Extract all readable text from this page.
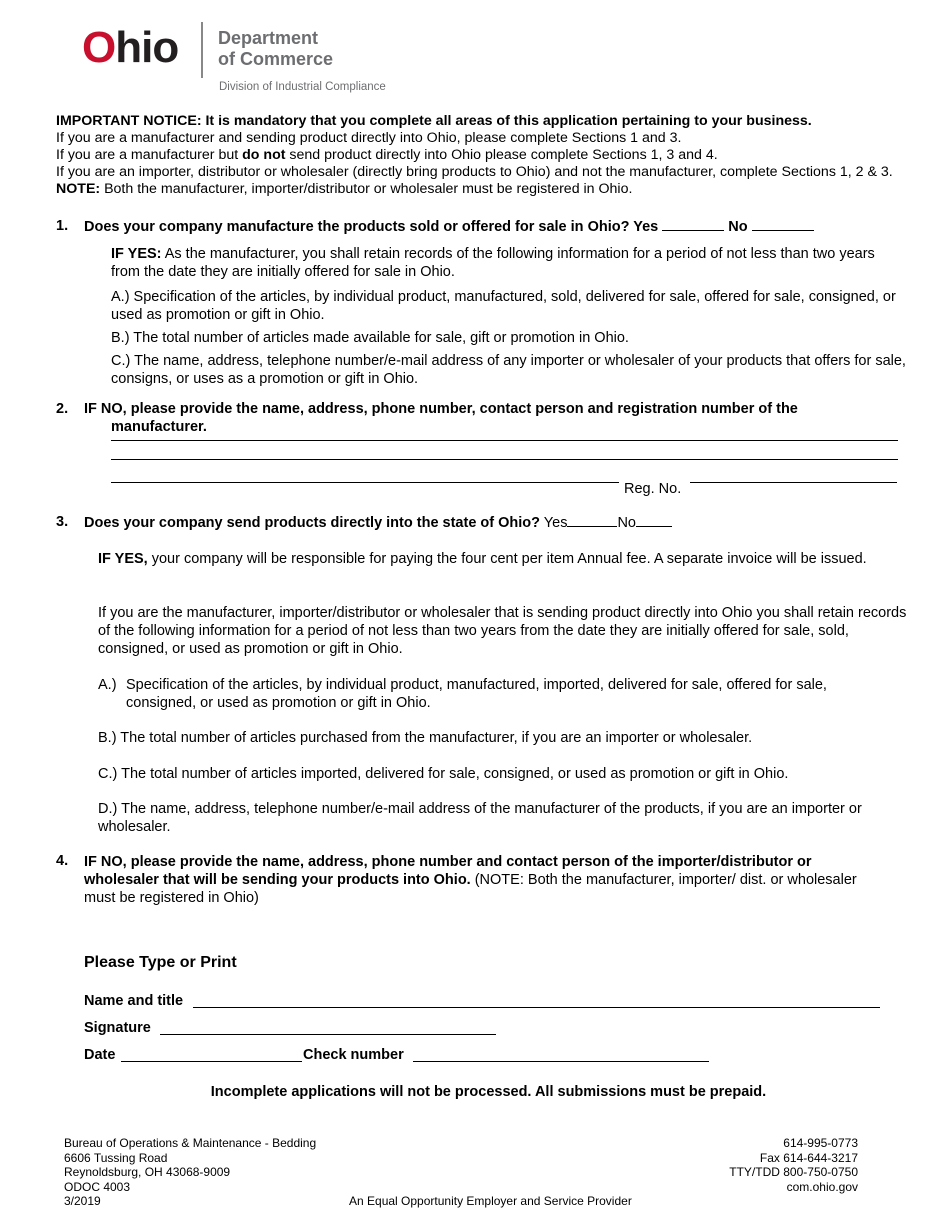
Ohio Department
of Commerce
Division of Industrial Compliance

IMPORTANT NOTICE: It is mandatory that you complete all areas of this application pertaining to your business.

If you are a manufacturer and sending product directly into Ohio, please complete Sections 1 and 3.

If you are a manufacturer but do not send product directly into Ohio please complete Sections 1, 3 and 4.

If you are an importer, distributor or wholesaler (directly bring products to Ohio) and not the manufacturer, complete Sections 1, 2 & 3.

NOTE: Both the manufacturer, importer/distributor or wholesaler must be registered in Ohio.

1. Does your company manufacture the products sold or offered for sale in Ohio? Yes	No
IF YES: As the manufacturer, you shall retain records of the following information for a period of not less than two years from the date they are initially offered for sale in Ohio.
A.) Specification of the articles, by individual product, manufactured, sold, delivered for sale, offered for sale, consigned, or used as promotion or gift in Ohio.
B.) The total number of articles made available for sale, gift or promotion in Ohio.
C.) The name, address, telephone number/e-mail address of any importer or wholesaler of your products that offers for sale, consigns, or uses as a promotion or gift in Ohio.
2. IF NO, please provide the name, address, phone number, contact person and registration number of the
manufacturer.
Reg. No.
3. Does your company send products directly into the state of Ohio? Yes	No
IF YES, your company will be responsible for paying the four cent per item Annual fee. A separate invoice will be issued.
If you are the manufacturer, importer/distributor or wholesaler that is sending product directly into Ohio you shall retain records of the following information for a period of not less than two years from the date they are initially offered for sale, sold, consigned, or used as promotion or gift in Ohio.
A.) Specification of the articles, by individual product, manufactured, imported, delivered for sale, offered for sale, consigned, or used as promotion or gift in Ohio.
B.) The total number of articles purchased from the manufacturer, if you are an importer or wholesaler.
C.) The total number of articles imported, delivered for sale, consigned, or used as promotion or gift in Ohio.
D.) The name, address, telephone number/e-mail address of the manufacturer of the products, if you are an importer or wholesaler.
4. IF NO, please provide the name, address, phone number and contact person of the importer/distributor or wholesaler that will be sending your products into Ohio. (NOTE: Both the manufacturer, importer/ dist. or wholesaler must be registered in Ohio)
Please Type or Print
Name and title
Signature
Date	Check number
Incomplete applications will not be processed. All submissions must be prepaid.
Bureau of Operations & Maintenance - Bedding
6606 Tussing Road
Reynoldsburg, OH 43068-9009
ODOC 4003
3/2019	An Equal Opportunity Employer and Service Provider
614-995-0773
Fax 614-644-3217
TTY/TDD 800-750-0750
com.ohio.gov
